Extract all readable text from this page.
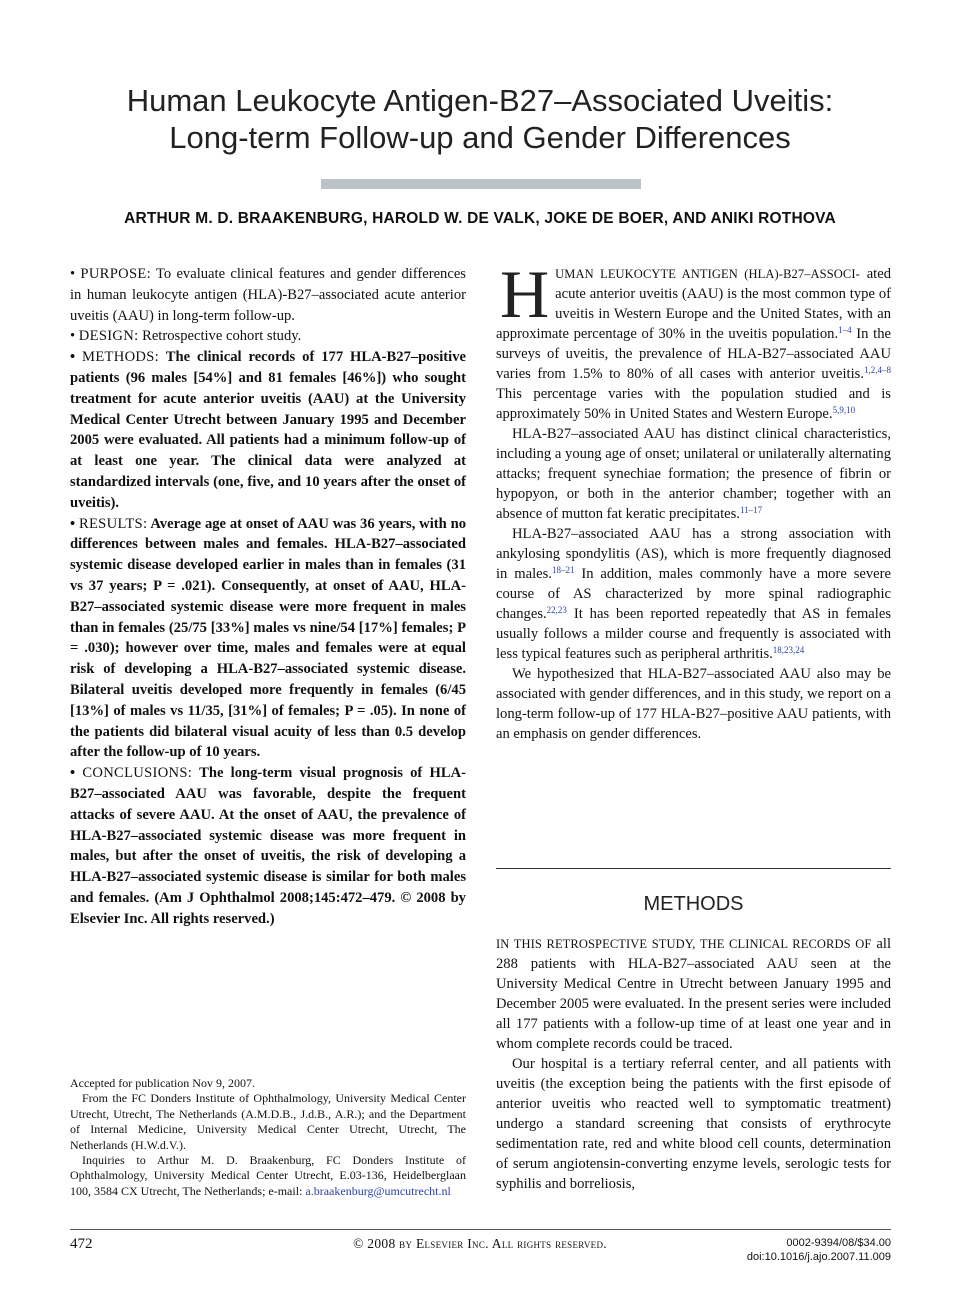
Human Leukocyte Antigen-B27–Associated Uveitis:
Long-term Follow-up and Gender Differences
ARTHUR M. D. BRAAKENBURG, HAROLD W. DE VALK, JOKE DE BOER, AND ANIKI ROTHOVA

• PURPOSE: To evaluate clinical features and gender differences in human leukocyte antigen (HLA)-B27–associated acute anterior uveitis (AAU) in long-term follow-up.

• DESIGN: Retrospective cohort study.

• METHODS: The clinical records of 177 HLA-B27–positive patients (96 males [54%] and 81 females [46%]) who sought treatment for acute anterior uveitis (AAU) at the University Medical Center Utrecht between January 1995 and December 2005 were evaluated. All patients had a minimum follow-up of at least one year. The clinical data were analyzed at standardized intervals (one, five, and 10 years after the onset of uveitis).

• RESULTS: Average age at onset of AAU was 36 years, with no differences between males and females. HLA-B27–associated systemic disease developed earlier in males than in females (31 vs 37 years; P = .021). Consequently, at onset of AAU, HLA-B27–associated systemic disease were more frequent in males than in females (25/75 [33%] males vs nine/54 [17%] females; P = .030); however over time, males and females were at equal risk of developing a HLA-B27–associated systemic disease. Bilateral uveitis developed more frequently in females (6/45 [13%] of males vs 11/35, [31%] of females; P = .05). In none of the patients did bilateral visual acuity of less than 0.5 develop after the follow-up of 10 years.

• CONCLUSIONS: The long-term visual prognosis of HLA-B27–associated AAU was favorable, despite the frequent attacks of severe AAU. At the onset of AAU, the prevalence of HLA-B27–associated systemic disease was more frequent in males, but after the onset of uveitis, the risk of developing a HLA-B27–associated systemic disease is similar for both males and females. (Am J Ophthalmol 2008;145:472–479. © 2008 by Elsevier Inc. All rights reserved.)

Accepted for publication Nov 9, 2007.

From the FC Donders Institute of Ophthalmology, University Medical Center Utrecht, Utrecht, The Netherlands (A.M.D.B., J.d.B., A.R.); and the Department of Internal Medicine, University Medical Center Utrecht, Utrecht, The Netherlands (H.W.d.V.).

Inquiries to Arthur M. D. Braakenburg, FC Donders Institute of Ophthalmology, University Medical Center Utrecht, E.03-136, Heidelberglaan 100, 3584 CX Utrecht, The Netherlands; e-mail: a.braakenburg@umcutrecht.nl

HUMAN LEUKOCYTE ANTIGEN (HLA)-B27–ASSOCI- ated acute anterior uveitis (AAU) is the most common type of uveitis in Western Europe and the United States, with an approximate percentage of 30% in the uveitis population.$^{1-4}$ In the surveys of uveitis, the prevalence of HLA-B27–associated AAU varies from 1.5% to 80% of all cases with anterior uveitis.$^{1,2,4-8}$ This percentage varies with the population studied and is approximately 50% in United States and Western Europe.$^{5,9,10}$

HLA-B27–associated AAU has distinct clinical characteristics, including a young age of onset; unilateral or unilaterally alternating attacks; frequent synechiae formation; the presence of fibrin or hypopyon, or both in the anterior chamber; together with an absence of mutton fat keratic precipitates.$^{11-17}$

HLA-B27–associated AAU has a strong association with ankylosing spondylitis (AS), which is more frequently diagnosed in males.$^{18-21}$ In addition, males commonly have a more severe course of AS characterized by more spinal radiographic changes.$^{22,23}$ It has been reported repeatedly that AS in females usually follows a milder course and frequently is associated with less typical features such as peripheral arthritis.$^{18,23,24}$

We hypothesized that HLA-B27–associated AAU also may be associated with gender differences, and in this study, we report on a long-term follow-up of 177 HLA-B27–positive AAU patients, with an emphasis on gender differences.

METHODS

IN THIS RETROSPECTIVE STUDY, THE CLINICAL RECORDS OF all 288 patients with HLA-B27–associated AAU seen at the University Medical Centre in Utrecht between January 1995 and December 2005 were evaluated. In the present series were included all 177 patients with a follow-up time of at least one year and in whom complete records could be traced.

Our hospital is a tertiary referral center, and all patients with uveitis (the exception being the patients with the first episode of anterior uveitis who reacted well to symptomatic treatment) undergo a standard screening that consists of erythrocyte sedimentation rate, red and white blood cell counts, determination of serum angiotensin-converting enzyme levels, serologic tests for syphilis and borreliosis,

472	© 2008 by Elsevier Inc. All rights reserved.	0002-9394/08/$34.00
doi:10.1016/j.ajo.2007.11.009
